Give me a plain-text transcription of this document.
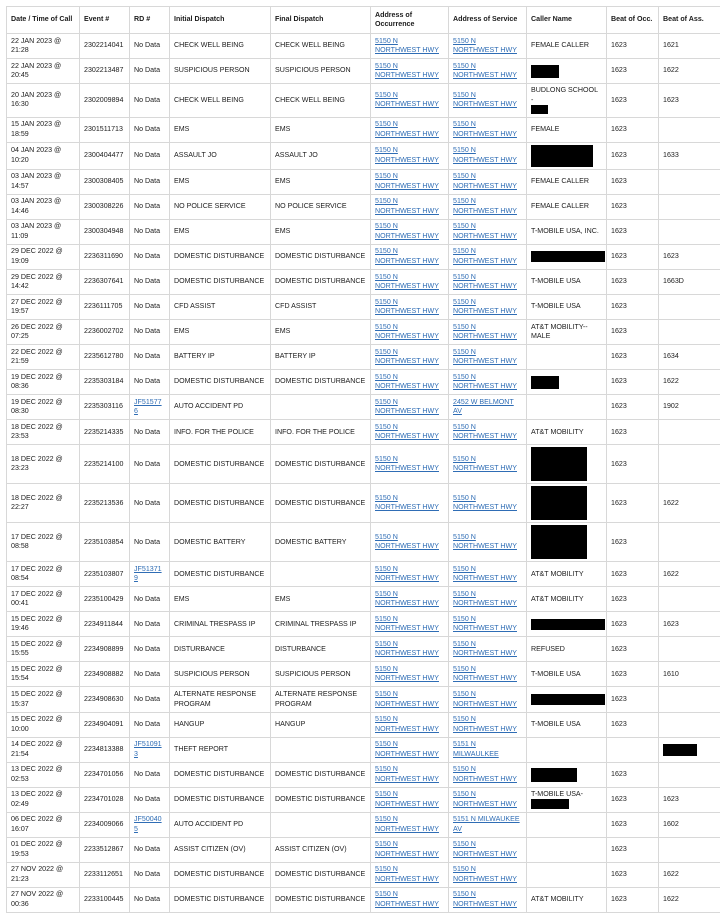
Date / Time of Call	Event #	RD #	Initial Dispatch	Final Dispatch	Address of Occurrence	Address of Service	Caller Name	Beat of Occ.	Beat of Ass.
22 JAN 2023 @ 21:28	2302214041	No Data	CHECK WELL BEING	CHECK WELL BEING	5150 N NORTHWEST HWY	5150 N NORTHWEST HWY	FEMALE CALLER	1623	1621
22 JAN 2023 @ 20:45	2302213487	No Data	SUSPICIOUS PERSON	SUSPICIOUS PERSON	5150 N NORTHWEST HWY	5150 N NORTHWEST HWY		1623	1622
20 JAN 2023 @ 16:30	2302009894	No Data	CHECK WELL BEING	CHECK WELL BEING	5150 N NORTHWEST HWY	5150 N NORTHWEST HWY	BUDLONG SCHOOL -	1623	1623
15 JAN 2023 @ 18:59	2301511713	No Data	EMS	EMS	5150 N NORTHWEST HWY	5150 N NORTHWEST HWY	FEMALE	1623	
04 JAN 2023 @ 10:20	2300404477	No Data	ASSAULT JO	ASSAULT JO	5150 N NORTHWEST HWY	5150 N NORTHWEST HWY		1623	1633
03 JAN 2023 @ 14:57	2300308405	No Data	EMS	EMS	5150 N NORTHWEST HWY	5150 N NORTHWEST HWY	FEMALE CALLER	1623	
03 JAN 2023 @ 14:46	2300308226	No Data	NO POLICE SERVICE	NO POLICE SERVICE	5150 N NORTHWEST HWY	5150 N NORTHWEST HWY	FEMALE CALLER	1623	
03 JAN 2023 @ 11:09	2300304948	No Data	EMS	EMS	5150 N NORTHWEST HWY	5150 N NORTHWEST HWY	T-MOBILE USA, INC.	1623	
29 DEC 2022 @ 19:09	2236311690	No Data	DOMESTIC DISTURBANCE	DOMESTIC DISTURBANCE	5150 N NORTHWEST HWY	5150 N NORTHWEST HWY		1623	1623
29 DEC 2022 @ 14:42	2236307641	No Data	DOMESTIC DISTURBANCE	DOMESTIC DISTURBANCE	5150 N NORTHWEST HWY	5150 N NORTHWEST HWY	T-MOBILE USA	1623	1663D
27 DEC 2022 @ 19:57	2236111705	No Data	CFD ASSIST	CFD ASSIST	5150 N NORTHWEST HWY	5150 N NORTHWEST HWY	T-MOBILE USA	1623	
26 DEC 2022 @ 07:25	2236002702	No Data	EMS	EMS	5150 N NORTHWEST HWY	5150 N NORTHWEST HWY	AT&T MOBILITY-- MALE	1623	
22 DEC 2022 @ 21:59	2235612780	No Data	BATTERY IP	BATTERY IP	5150 N NORTHWEST HWY	5150 N NORTHWEST HWY		1623	1634
19 DEC 2022 @ 08:36	2235303184	No Data	DOMESTIC DISTURBANCE	DOMESTIC DISTURBANCE	5150 N NORTHWEST HWY	5150 N NORTHWEST HWY		1623	1622
19 DEC 2022 @ 08:30	2235303116	JF515776	AUTO ACCIDENT PD		5150 N NORTHWEST HWY	2452 W BELMONT AV		1623	1902
18 DEC 2022 @ 23:53	2235214335	No Data	INFO. FOR THE POLICE	INFO. FOR THE POLICE	5150 N NORTHWEST HWY	5150 N NORTHWEST HWY	AT&T MOBILITY	1623	
18 DEC 2022 @ 23:23	2235214100	No Data	DOMESTIC DISTURBANCE	DOMESTIC DISTURBANCE	5150 N NORTHWEST HWY	5150 N NORTHWEST HWY		1623	
18 DEC 2022 @ 22:27	2235213536	No Data	DOMESTIC DISTURBANCE	DOMESTIC DISTURBANCE	5150 N NORTHWEST HWY	5150 N NORTHWEST HWY		1623	1622
17 DEC 2022 @ 08:58	2235103854	No Data	DOMESTIC BATTERY	DOMESTIC BATTERY	5150 N NORTHWEST HWY	5150 N NORTHWEST HWY		1623	
17 DEC 2022 @ 08:54	2235103807	JF513719	DOMESTIC DISTURBANCE		5150 N NORTHWEST HWY	5150 N NORTHWEST HWY	AT&T MOBILITY	1623	1622
17 DEC 2022 @ 00:41	2235100429	No Data	EMS	EMS	5150 N NORTHWEST HWY	5150 N NORTHWEST HWY	AT&T MOBILITY	1623	
15 DEC 2022 @ 19:46	2234911844	No Data	CRIMINAL TRESPASS IP	CRIMINAL TRESPASS IP	5150 N NORTHWEST HWY	5150 N NORTHWEST HWY		1623	1623
15 DEC 2022 @ 15:55	2234908899	No Data	DISTURBANCE	DISTURBANCE	5150 N NORTHWEST HWY	5150 N NORTHWEST HWY	REFUSED	1623	
15 DEC 2022 @ 15:54	2234908882	No Data	SUSPICIOUS PERSON	SUSPICIOUS PERSON	5150 N NORTHWEST HWY	5150 N NORTHWEST HWY	T-MOBILE USA	1623	1610
15 DEC 2022 @ 15:37	2234908630	No Data	ALTERNATE RESPONSE PROGRAM	ALTERNATE RESPONSE PROGRAM	5150 N NORTHWEST HWY	5150 N NORTHWEST HWY		1623	
15 DEC 2022 @ 10:00	2234904091	No Data	HANGUP	HANGUP	5150 N NORTHWEST HWY	5150 N NORTHWEST HWY	T-MOBILE USA	1623	
14 DEC 2022 @ 21:54	2234813388	JF510913	THEFT REPORT		5150 N NORTHWEST HWY	5151 N MILWAULKEE			
13 DEC 2022 @ 02:53	2234701056	No Data	DOMESTIC DISTURBANCE	DOMESTIC DISTURBANCE	5150 N NORTHWEST HWY	5150 N NORTHWEST HWY		1623	
13 DEC 2022 @ 02:49	2234701028	No Data	DOMESTIC DISTURBANCE	DOMESTIC DISTURBANCE	5150 N NORTHWEST HWY	5150 N NORTHWEST HWY	T-MOBILE USA-	1623	1623
06 DEC 2022 @ 16:07	2234009066	JF500405	AUTO ACCIDENT PD		5150 N NORTHWEST HWY	5151 N MILWAUKEE AV		1623	1602
01 DEC 2022 @ 19:53	2233512867	No Data	ASSIST CITIZEN (OV)	ASSIST CITIZEN (OV)	5150 N NORTHWEST HWY	5150 N NORTHWEST HWY		1623	
27 NOV 2022 @ 21:23	2233112651	No Data	DOMESTIC DISTURBANCE	DOMESTIC DISTURBANCE	5150 N NORTHWEST HWY	5150 N NORTHWEST HWY		1623	1622
27 NOV 2022 @ 00:36	2233100445	No Data	DOMESTIC DISTURBANCE	DOMESTIC DISTURBANCE	5150 N NORTHWEST HWY	5150 N NORTHWEST HWY	AT&T MOBILITY	1623	1622
